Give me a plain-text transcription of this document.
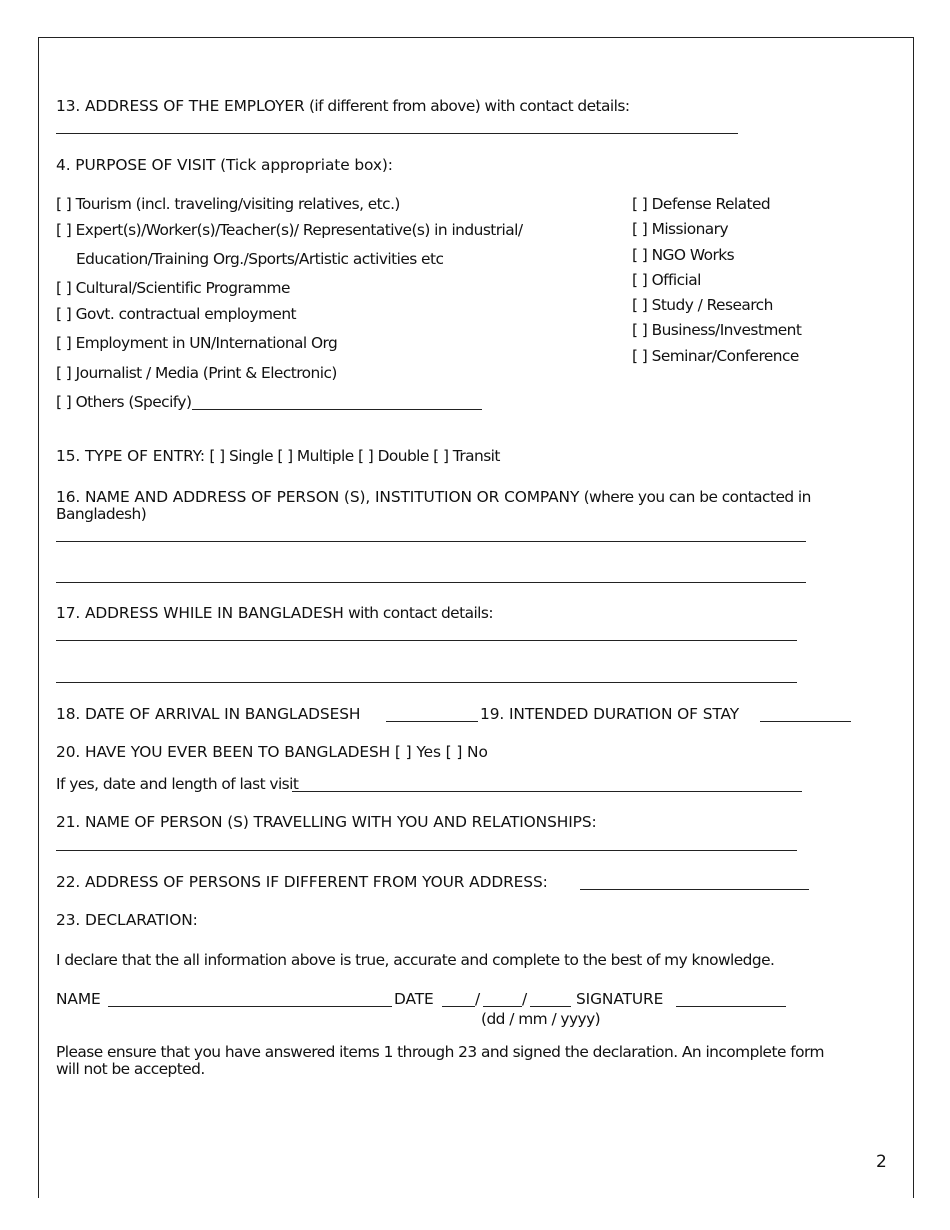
13. ADDRESS OF THE EMPLOYER (if different from above) with contact details:
4. PURPOSE OF VISIT (Tick appropriate box):
[ ] Tourism (incl. traveling/visiting relatives, etc.)
[ ] Expert(s)/Worker(s)/Teacher(s)/ Representative(s) in industrial/
Education/Training Org./Sports/Artistic activities etc
[ ] Cultural/Scientific Programme
[ ] Govt. contractual employment
[ ] Employment in UN/International Org
[ ] Journalist / Media (Print & Electronic)
[ ] Others (Specify)
[ ] Defense Related
[ ] Missionary
[ ] NGO Works
[ ] Official
[ ] Study / Research
[ ] Business/Investment
[ ] Seminar/Conference
15. TYPE OF ENTRY: [ ] Single [ ] Multiple [ ] Double [ ] Transit
16. NAME AND ADDRESS OF PERSON (S), INSTITUTION OR COMPANY (where you can be contacted in Bangladesh)
17. ADDRESS WHILE IN BANGLADESH with contact details:
18. DATE OF ARRIVAL IN BANGLADSESH	19. INTENDED DURATION OF STAY
20. HAVE YOU EVER BEEN TO BANGLADESH [ ] Yes [ ] No
If yes, date and length of last visit
21. NAME OF PERSON (S) TRAVELLING WITH YOU AND RELATIONSHIPS:
22. ADDRESS OF PERSONS IF DIFFERENT FROM YOUR ADDRESS:
23. DECLARATION:
I declare that the all information above is true, accurate and complete to the best of my knowledge.
NAME	DATE	/	/	SIGNATURE
(dd / mm / yyyy)
Please ensure that you have answered items 1 through 23 and signed the declaration. An incomplete form will not be accepted.
2
